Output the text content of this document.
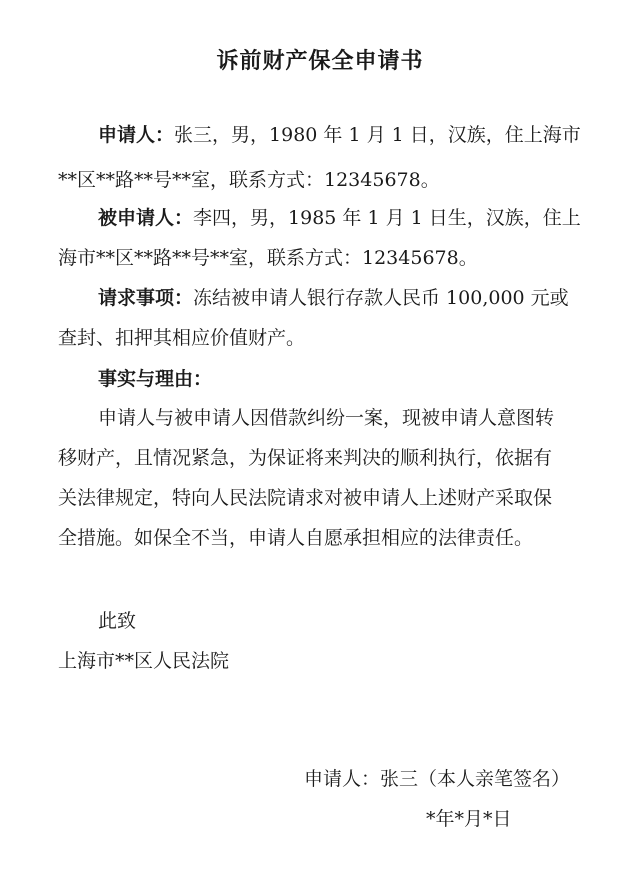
诉前财产保全申请书
申请人：张三，男，1980 年 1 月 1 日，汉族，住上海市
**区**路**号**室，联系方式：12345678。
被申请人：李四，男，1985 年 1 月 1 日生，汉族，住上
海市**区**路**号**室，联系方式：12345678。
请求事项：冻结被申请人银行存款人民币 100,000 元或
查封、扣押其相应价值财产。
事实与理由：
申请人与被申请人因借款纠纷一案，现被申请人意图转
移财产，且情况紧急，为保证将来判决的顺利执行，依据有
关法律规定，特向人民法院请求对被申请人上述财产采取保
全措施。如保全不当，申请人自愿承担相应的法律责任。
此致
上海市**区人民法院
申请人：张三（本人亲笔签名）
*年*月*日
